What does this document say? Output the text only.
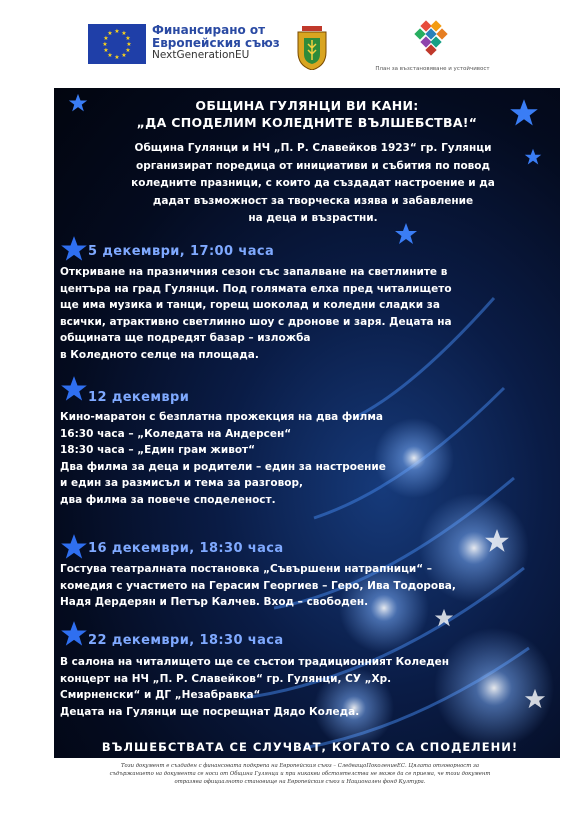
★ ★
★
★
★
★
★
★
★
★
★
★	Финансирано от
Европейския съюз
NextGenerationEU
План за възстановяване и устойчивост
ОБЩИНА ГУЛЯНЦИ ВИ КАНИ:
„ДА СПОДЕЛИМ КОЛЕДНИТЕ ВЪЛШЕБСТВА!“
Община Гулянци и НЧ „П. Р. Славейков 1923“ гр. Гулянци
организират поредица от инициативи и събития по повод
коледните празници, с които да създадат настроение и да
дадат възможност за творческа изява и забавление
на деца и възрастни.
5 декември, 17:00 часа
Откриване на празничния сезон със запалване на светлините в
центъра на град Гулянци. Под голямата елха пред читалището
ще има музика и танци, горещ шоколад и коледни сладки за
всички, атрактивно светлинно шоу с дронове и заря. Децата на
общината ще подредят базар – изложба
в Коледното селце на площада.
12 декември
Кино-маратон с безплатна прожекция на два филма
16:30 часа – „Коледата на Андерсен“
18:30 часа – „Един грам живот“
Два филма за деца и родители – един за настроение
и един за размисъл и тема за разговор,
два филма за повече споделеност.
16 декември, 18:30 часа
Гостува театралната постановка „Съвършени натрапници“ –
комедия с участието на Герасим Георгиев – Геро, Ива Тодорова,
Надя Дердерян и Петър Калчев. Вход – свободен.
22 декември, 18:30 часа
В салона на читалището ще се състои традиционният Коледен
концерт на НЧ „П. Р. Славейков“ гр. Гулянци, СУ „Хр.
Смирненски“ и ДГ „Незабравка“
Децата на Гулянци ще посрещнат Дядо Коледа.
ВЪЛШЕБСТВАТА СЕ СЛУЧВАТ, КОГАТО СА СПОДЕЛЕНИ!
Този документ е създаден с финансовата подкрепа на Европейския съюз – СледващоПоколениеЕС. Цялата отговорност за
съдържанието на документа се носи от Община Гулянци и при никакви обстоятелства не може да се приема, че този документ
отразява официалното становище на Европейския съюз и Национален фонд Култура.
